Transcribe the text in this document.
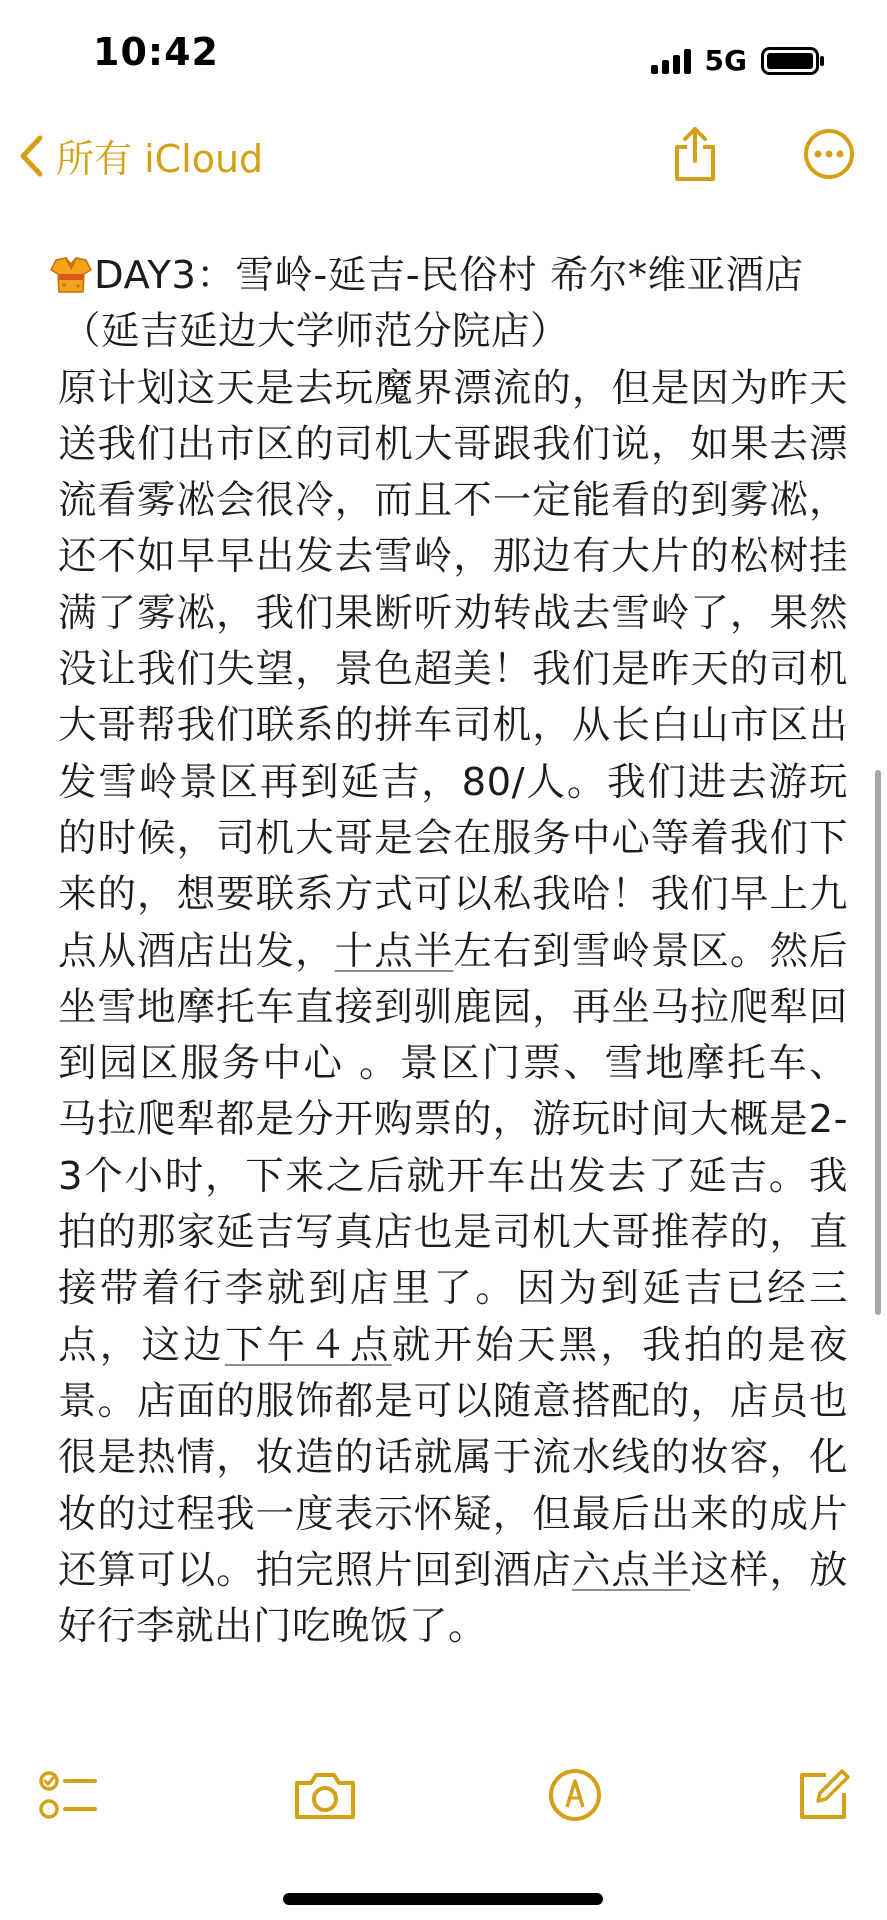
10:42	5G
所有 iCloud
DAY3：雪岭-延吉-民俗村 希尔*维亚酒店
（延吉延边大学师范分院店）
原计划这天是去玩魔界漂流的，但是因为昨天送我们出市区的司机大哥跟我们说，如果去漂流看雾凇会很冷，而且不一定能看的到雾凇，还不如早早出发去雪岭，那边有大片的松树挂满了雾凇，我们果断听劝转战去雪岭了，果然没让我们失望，景色超美！我们是昨天的司机大哥帮我们联系的拼车司机，从长白山市区出发雪岭景区再到延吉，80/人。我们进去游玩的时候，司机大哥是会在服务中心等着我们下来的，想要联系方式可以私我哈！我们早上九点从酒店出发，十点半左右到雪岭景区。然后坐雪地摩托车直接到驯鹿园，再坐马拉爬犁回到园区服务中心 。景区门票、雪地摩托车、马拉爬犁都是分开购票的，游玩时间大概是2-3个小时，下来之后就开车出发去了延吉。我拍的那家延吉写真店也是司机大哥推荐的，直接带着行李就到店里了。因为到延吉已经三点，这边下午４点就开始天黑，我拍的是夜景。店面的服饰都是可以随意搭配的，店员也很是热情，妆造的话就属于流水线的妆容，化妆的过程我一度表示怀疑，但最后出来的成片还算可以。拍完照片回到酒店六点半这样，放好行李就出门吃晚饭了。
